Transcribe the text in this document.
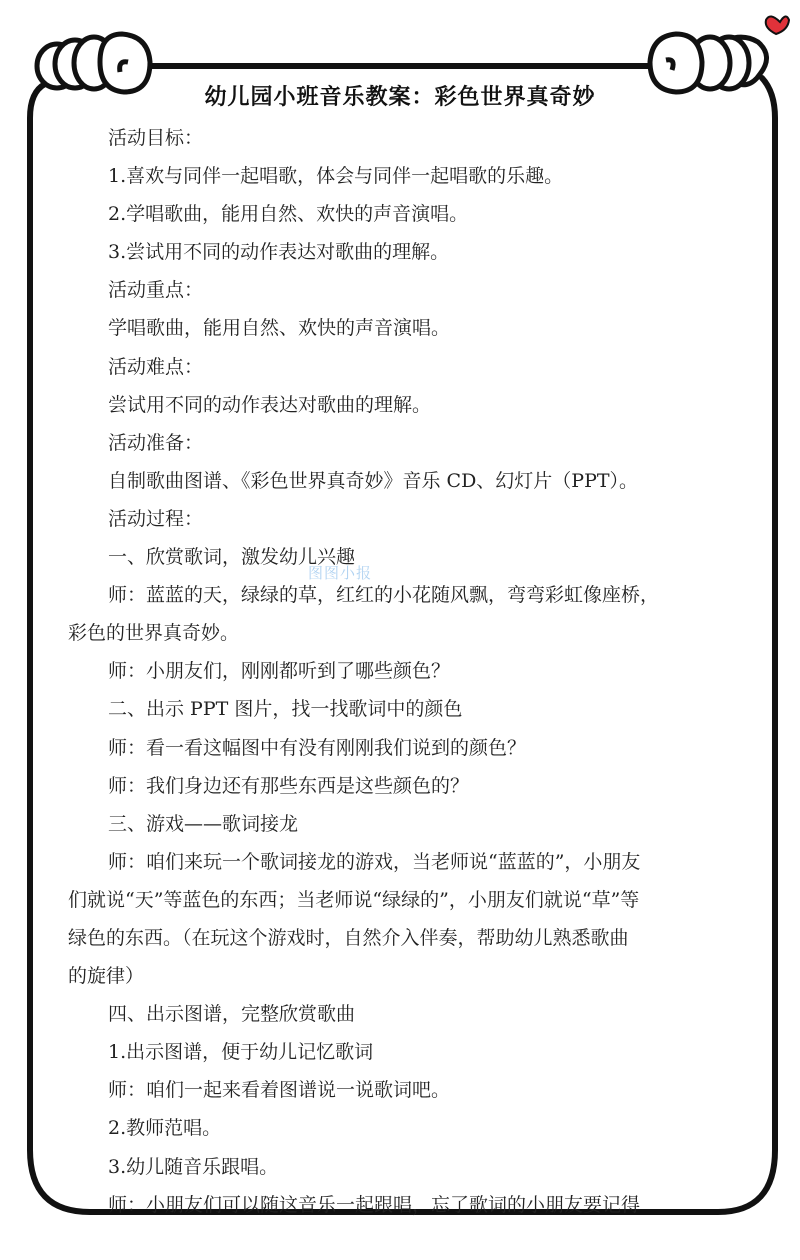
幼儿园小班音乐教案：彩色世界真奇妙
活动目标：
1.喜欢与同伴一起唱歌，体会与同伴一起唱歌的乐趣。
2.学唱歌曲，能用自然、欢快的声音演唱。
3.尝试用不同的动作表达对歌曲的理解。
活动重点：
学唱歌曲，能用自然、欢快的声音演唱。
活动难点：
尝试用不同的动作表达对歌曲的理解。
活动准备：
自制歌曲图谱、《彩色世界真奇妙》音乐 CD、幻灯片（PPT）。
活动过程：
一、欣赏歌词，激发幼儿兴趣
师：蓝蓝的天，绿绿的草，红红的小花随风飘，弯弯彩虹像座桥，
彩色的世界真奇妙。
师：小朋友们，刚刚都听到了哪些颜色？
二、出示 PPT 图片，找一找歌词中的颜色
师：看一看这幅图中有没有刚刚我们说到的颜色？
师：我们身边还有那些东西是这些颜色的？
三、游戏——歌词接龙
师：咱们来玩一个歌词接龙的游戏，当老师说“蓝蓝的”，小朋友
们就说“天”等蓝色的东西；当老师说“绿绿的”，小朋友们就说“草”等
绿色的东西。（在玩这个游戏时，自然介入伴奏，帮助幼儿熟悉歌曲
的旋律）
四、出示图谱，完整欣赏歌曲
1.出示图谱，便于幼儿记忆歌词
师：咱们一起来看着图谱说一说歌词吧。
2.教师范唱。
3.幼儿随音乐跟唱。
师：小朋友们可以随这音乐一起跟唱，忘了歌词的小朋友要记得
图图小报
